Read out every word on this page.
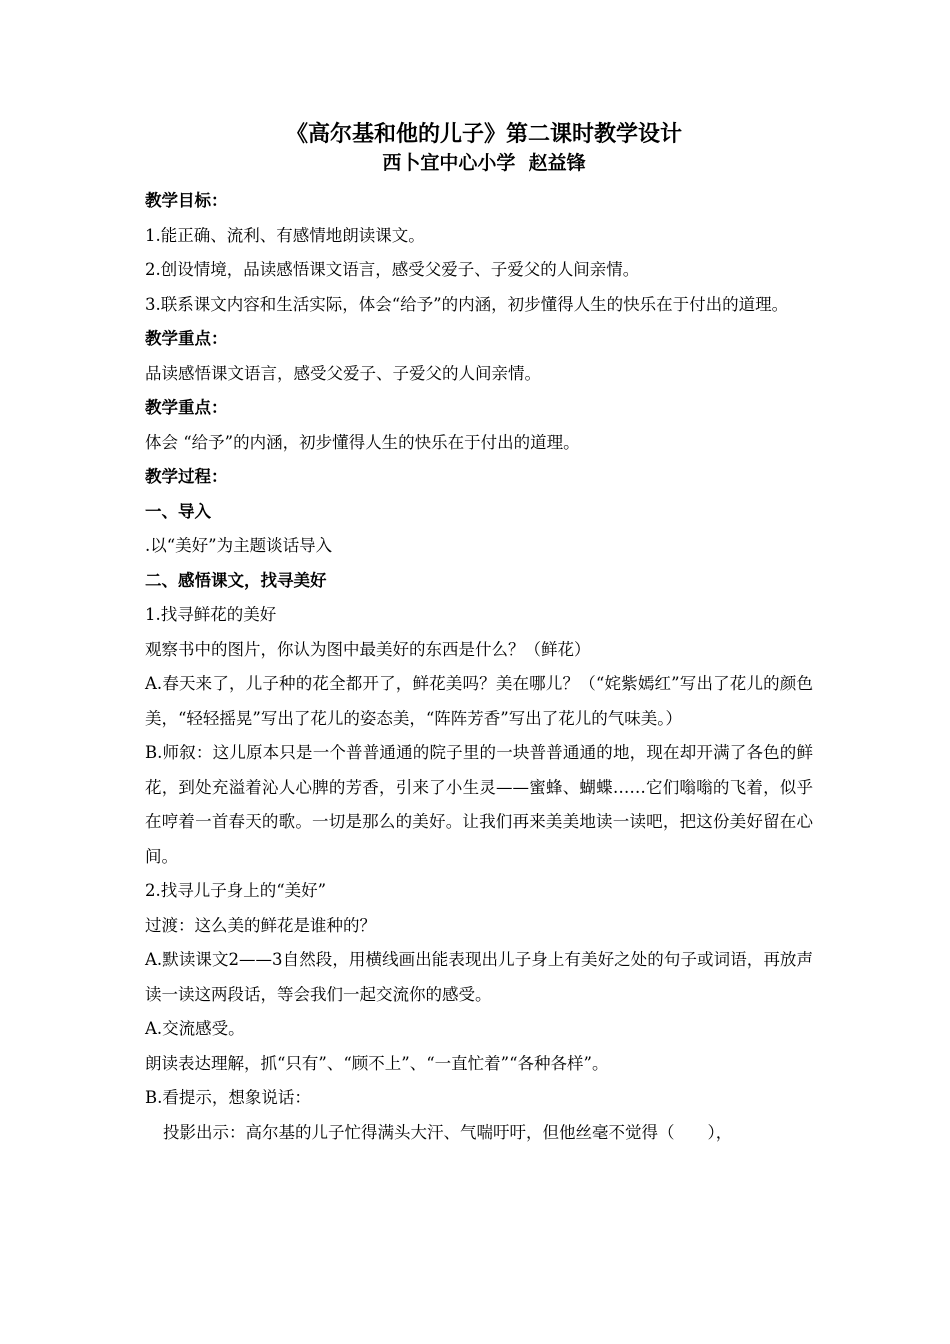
《高尔基和他的儿子》第二课时教学设计
西卜宜中心小学  赵益锋

教学目标：

1.能正确、流利、有感情地朗读课文。

2.创设情境，品读感悟课文语言，感受父爱子、子爱父的人间亲情。

3.联系课文内容和生活实际，体会“给予”的内涵，初步懂得人生的快乐在于付出的道理。

教学重点：

品读感悟课文语言，感受父爱子、子爱父的人间亲情。

教学重点：

体会 “给予”的内涵，初步懂得人生的快乐在于付出的道理。

教学过程：

一、导入

.以“美好”为主题谈话导入

二、感悟课文，找寻美好

1.找寻鲜花的美好

观察书中的图片，你认为图中最美好的东西是什么？（鲜花）

A.春天来了，儿子种的花全都开了，鲜花美吗？美在哪儿？（“姹紫嫣红”写出了花儿的颜色美，“轻轻摇晃”写出了花儿的姿态美，“阵阵芳香”写出了花儿的气味美。）

B.师叙：这儿原本只是一个普普通通的院子里的一块普普通通的地，现在却开满了各色的鲜花，到处充溢着沁人心脾的芳香，引来了小生灵——蜜蜂、蝴蝶……它们嗡嗡的飞着，似乎在哼着一首春天的歌。一切是那么的美好。让我们再来美美地读一读吧，把这份美好留在心间。

2.找寻儿子身上的“美好”

过渡：这么美的鲜花是谁种的？

A.默读课文2——3自然段，用横线画出能表现出儿子身上有美好之处的句子或词语，再放声读一读这两段话，等会我们一起交流你的感受。

A.交流感受。

朗读表达理解，抓“只有”、“顾不上”、“一直忙着”“各种各样”。

B.看提示，想象说话：

投影出示：高尔基的儿子忙得满头大汗、气喘吁吁，但他丝毫不觉得（　　），
